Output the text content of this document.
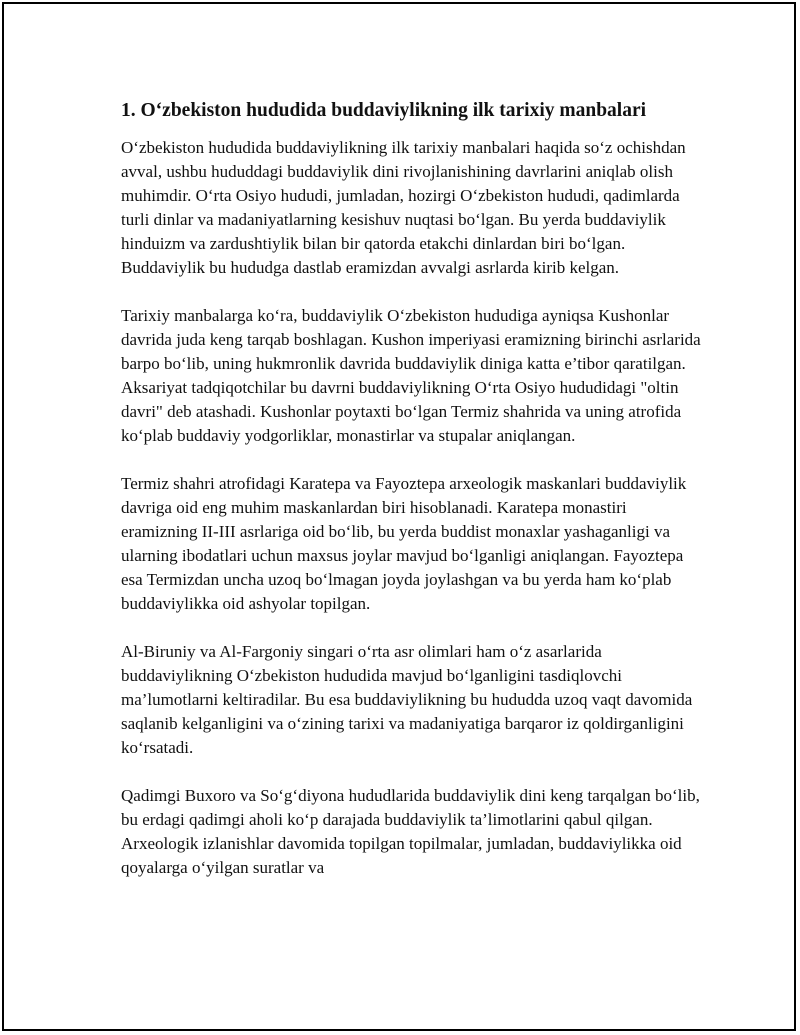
1. Oʻzbekiston hududida buddaviylikning ilk tarixiy manbalari

Oʻzbekiston hududida buddaviylikning ilk tarixiy manbalari haqida soʻz ochishdan avval, ushbu hududdagi buddaviylik dini rivojlanishining davrlarini aniqlab olish muhimdir. Oʻrta Osiyo hududi, jumladan, hozirgi Oʻzbekiston hududi, qadimlarda turli dinlar va madaniyatlarning kesishuv nuqtasi boʻlgan. Bu yerda buddaviylik hinduizm va zardushtiylik bilan bir qatorda etakchi dinlardan biri boʻlgan. Buddaviylik bu hududga dastlab eramizdan avvalgi asrlarda kirib kelgan.

Tarixiy manbalarga koʻra, buddaviylik Oʻzbekiston hududiga ayniqsa Kushonlar davrida juda keng tarqab boshlagan. Kushon imperiyasi eramizning birinchi asrlarida barpo boʻlib, uning hukmronlik davrida buddaviylik diniga katta e’tibor qaratilgan. Aksariyat tadqiqotchilar bu davrni buddaviylikning Oʻrta Osiyo hududidagi "oltin davri" deb atashadi. Kushonlar poytaxti boʻlgan Termiz shahrida va uning atrofida koʻplab buddaviy yodgorliklar, monastirlar va stupalar aniqlangan.

Termiz shahri atrofidagi Karatepa va Fayoztepa arxeologik maskanlari buddaviylik davriga oid eng muhim maskanlardan biri hisoblanadi. Karatepa monastiri eramizning II-III asrlariga oid boʻlib, bu yerda buddist monaxlar yashaganligi va ularning ibodatlari uchun maxsus joylar mavjud boʻlganligi aniqlangan. Fayoztepa esa Termizdan uncha uzoq boʻlmagan joyda joylashgan va bu yerda ham koʻplab buddaviylikka oid ashyolar topilgan.

Al-Biruniy va Al-Fargoniy singari oʻrta asr olimlari ham oʻz asarlarida buddaviylikning Oʻzbekiston hududida mavjud boʻlganligini tasdiqlovchi ma’lumotlarni keltiradilar. Bu esa buddaviylikning bu hududda uzoq vaqt davomida saqlanib kelganligini va oʻzining tarixi va madaniyatiga barqaror iz qoldirganligini koʻrsatadi.

Qadimgi Buxoro va Soʻgʻdiyona hududlarida buddaviylik dini keng tarqalgan boʻlib, bu erdagi qadimgi aholi koʻp darajada buddaviylik ta’limotlarini qabul qilgan. Arxeologik izlanishlar davomida topilgan topilmalar, jumladan, buddaviylikka oid qoyalarga oʻyilgan suratlar va
